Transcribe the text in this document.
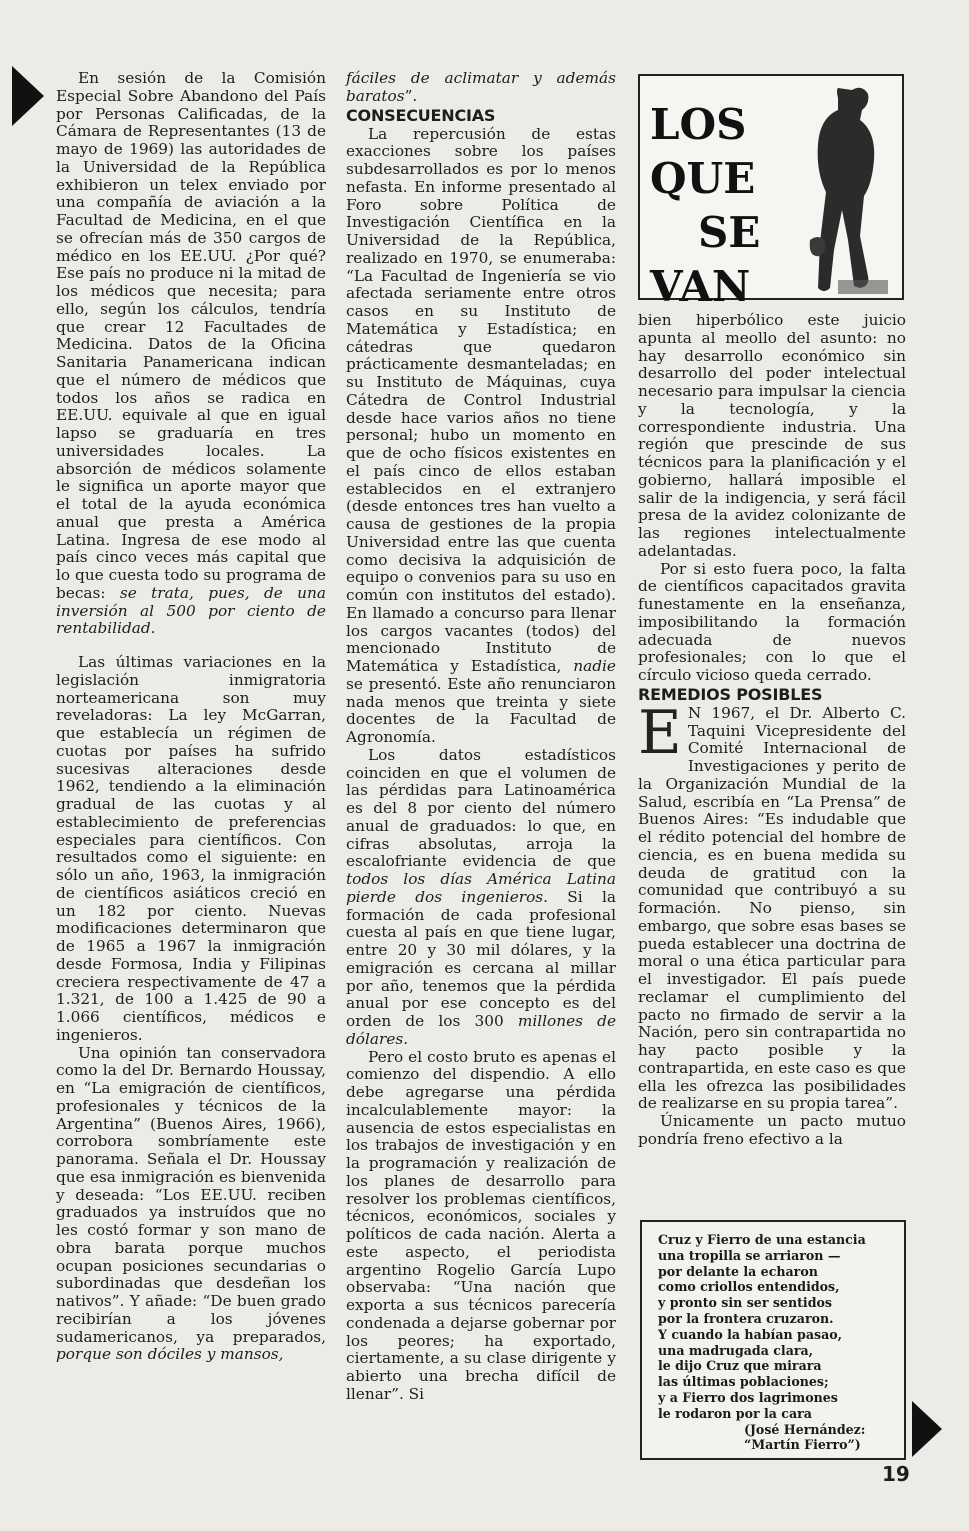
En sesión de la Comisión Especial Sobre Abandono del País por Personas Calificadas, de la Cámara de Representantes (13 de mayo de 1969) las autoridades de la Universidad de la República exhibieron un telex enviado por una compañía de aviación a la Facultad de Medicina, en el que se ofrecían más de 350 cargos de médico en los EE.UU. ¿Por qué? Ese país no produce ni la mitad de los médicos que necesita; para ello, según los cálculos, tendría que crear 12 Facultades de Medicina. Datos de la Oficina Sanitaria Panamericana indican que el número de médicos que todos los años se radica en EE.UU. equivale al que en igual lapso se graduaría en tres universidades locales. La absorción de médicos solamente le significa un aporte mayor que el total de la ayuda económica anual que presta a América Latina. Ingresa de ese modo al país cinco veces más capital que lo que cuesta todo su programa de becas: se trata, pues, de una inversión al 500 por ciento de rentabilidad.

Las últimas variaciones en la legislación inmigratoria norteamericana son muy reveladoras: La ley McGarran, que establecía un régimen de cuotas por países ha sufrido sucesivas alteraciones desde 1962, tendiendo a la eliminación gradual de las cuotas y al establecimiento de preferencias especiales para científicos. Con resultados como el siguiente: en sólo un año, 1963, la inmigración de científicos asiáticos creció en un 182 por ciento. Nuevas modificaciones determinaron que de 1965 a 1967 la inmigración desde Formosa, India y Filipinas creciera respectivamente de 47 a 1.321, de 100 a 1.425 de 90 a 1.066 científicos, médicos e ingenieros.

Una opinión tan conservadora como la del Dr. Bernardo Houssay, en “La emigración de científicos, profesionales y técnicos de la Argentina” (Buenos Aires, 1966), corrobora sombríamente este panorama. Señala el Dr. Houssay que esa inmigración es bienvenida y deseada: “Los EE.UU. reciben graduados ya instruídos que no les costó formar y son mano de obra barata porque muchos ocupan posiciones secundarias o subordinadas que desdeñan los nativos”. Y añade: “De buen grado recibirían a los jóvenes sudamericanos, ya preparados, porque son dóciles y mansos,

fáciles de aclimatar y además baratos”.

CONSECUENCIAS

La repercusión de estas exacciones sobre los países subdesarrollados es por lo menos nefasta. En informe presentado al Foro sobre Política de Investigación Científica en la Universidad de la República, realizado en 1970, se enumeraba: “La Facultad de Ingeniería se vio afectada seriamente entre otros casos en su Instituto de Matemática y Estadística; en cátedras que quedaron prácticamente desmanteladas; en su Instituto de Máquinas, cuya Cátedra de Control Industrial desde hace varios años no tiene personal; hubo un momento en que de ocho físicos existentes en el país cinco de ellos estaban establecidos en el extranjero (desde entonces tres han vuelto a causa de gestiones de la propia Universidad entre las que cuenta como decisiva la adquisición de equipo o convenios para su uso en común con institutos del estado). En llamado a concurso para llenar los cargos vacantes (todos) del mencionado Instituto de Matemática y Estadística, nadie se presentó. Este año renunciaron nada menos que treinta y siete docentes de la Facultad de Agronomía.

Los datos estadísticos coinciden en que el volumen de las pérdidas para Latinoamérica es del 8 por ciento del número anual de graduados: lo que, en cifras absolutas, arroja la escalofriante evidencia de que todos los días América Latina pierde dos ingenieros. Si la formación de cada profesional cuesta al país en que tiene lugar, entre 20 y 30 mil dólares, y la emigración es cercana al millar por año, tenemos que la pérdida anual por ese concepto es del orden de los 300 millones de dólares.

Pero el costo bruto es apenas el comienzo del dispendio. A ello debe agregarse una pérdida incalculablemente mayor: la ausencia de estos especialistas en los trabajos de investigación y en la programación y realización de los planes de desarrollo para resolver los problemas científicos, técnicos, económicos, sociales y políticos de cada nación. Alerta a este aspecto, el periodista argentino Rogelio García Lupo observaba: “Una nación que exporta a sus técnicos parecería condenada a dejarse gobernar por los peores; ha exportado, ciertamente, a su clase dirigente y abierto una brecha difícil de llenar”. Si

LOS
QUE
SE
VAN

bien hiperbólico este juicio apunta al meollo del asunto: no hay desarrollo económico sin desarrollo del poder intelectual necesario para impulsar la ciencia y la tecnología, y la correspondiente industria. Una región que prescinde de sus técnicos para la planificación y el gobierno, hallará imposible el salir de la indigencia, y será fácil presa de la avidez colonizante de las regiones intelectualmente adelantadas.

Por si esto fuera poco, la falta de científicos capacitados gravita funestamente en la enseñanza, imposibilitando la formación adecuada de nuevos profesionales; con lo que el círculo vicioso queda cerrado.

REMEDIOS POSIBLES

E N 1967, el Dr. Alberto C. Taquini Vicepresidente del Comité Internacional de Investigaciones y perito de la Organización Mundial de la Salud, escribía en “La Prensa” de Buenos Aires: “Es indudable que el rédito potencial del hombre de ciencia, es en buena medida su deuda de gratitud con la comunidad que contribuyó a su formación. No pienso, sin embargo, que sobre esas bases se pueda establecer una doctrina de moral o una ética particular para el investigador. El país puede reclamar el cumplimiento del pacto no firmado de servir a la Nación, pero sin contrapartida no hay pacto posible y la contrapartida, en este caso es que ella les ofrezca las posibilidades de realizarse en su propia tarea”.

Únicamente un pacto mutuo pondría freno efectivo a la

Cruz y Fierro de una estancia
una tropilla se arriaron —
por delante la echaron
como criollos entendidos,
y pronto sin ser sentidos
por la frontera cruzaron.
Y cuando la habían pasao,
una madrugada clara,
le dijo Cruz que mirara
las últimas poblaciones;
y a Fierro dos lagrimones
le rodaron por la cara
(José Hernández:
“Martín Fierro”)
19
